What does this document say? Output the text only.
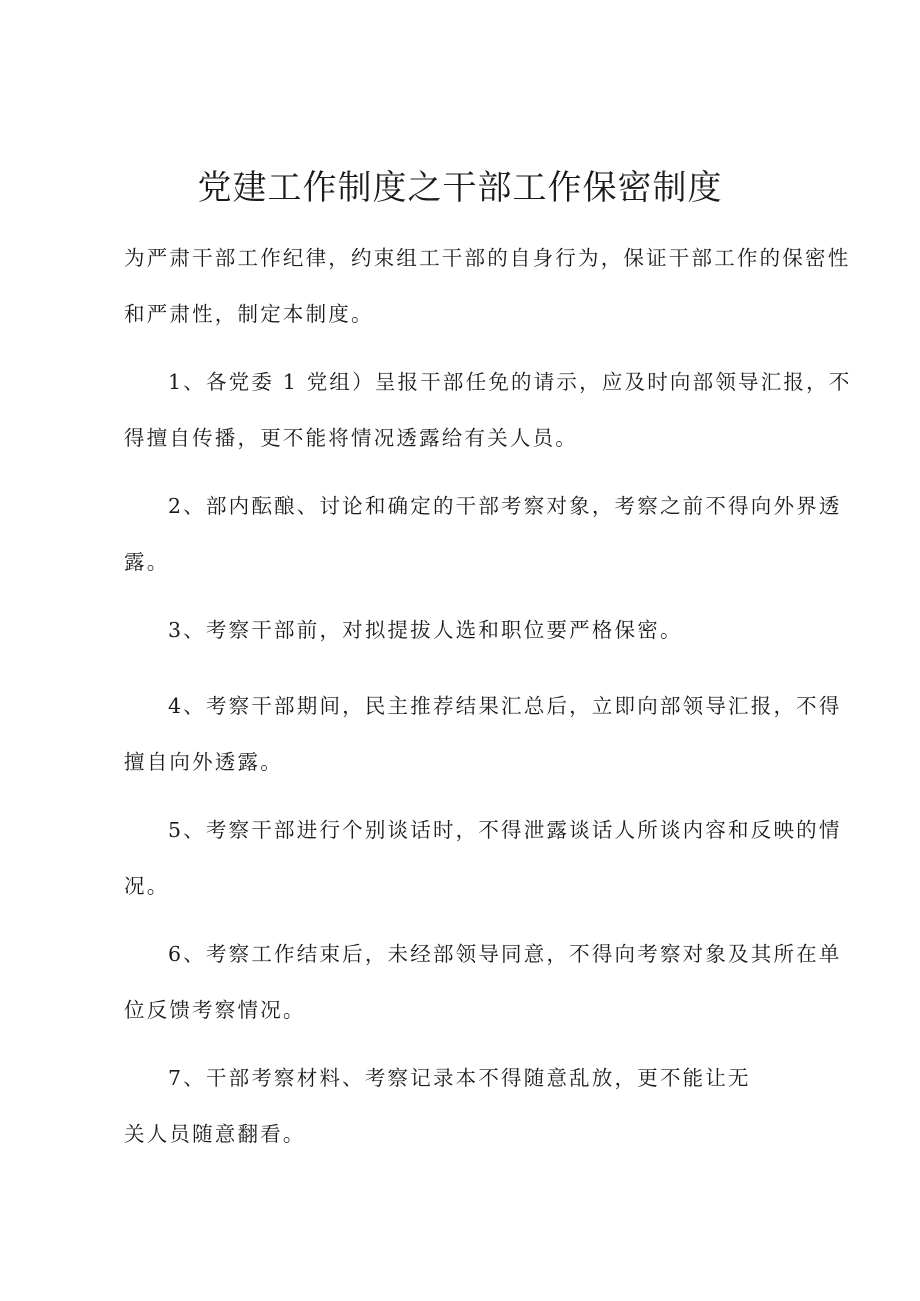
党建工作制度之干部工作保密制度
为严肃干部工作纪律，约束组工干部的自身行为，保证干部工作的保密性
和严肃性，制定本制度。
1、各党委 1 党组）呈报干部任免的请示，应及时向部领导汇报，不
得擅自传播，更不能将情况透露给有关人员。
2、部内酝酿、讨论和确定的干部考察对象，考察之前不得向外界透
露。
3、考察干部前，对拟提拔人选和职位要严格保密。
4、考察干部期间，民主推荐结果汇总后，立即向部领导汇报，不得
擅自向外透露。
5、考察干部进行个别谈话时，不得泄露谈话人所谈内容和反映的情
况。
6、考察工作结束后，未经部领导同意，不得向考察对象及其所在单
位反馈考察情况。
7、干部考察材料、考察记录本不得随意乱放，更不能让无
关人员随意翻看。
